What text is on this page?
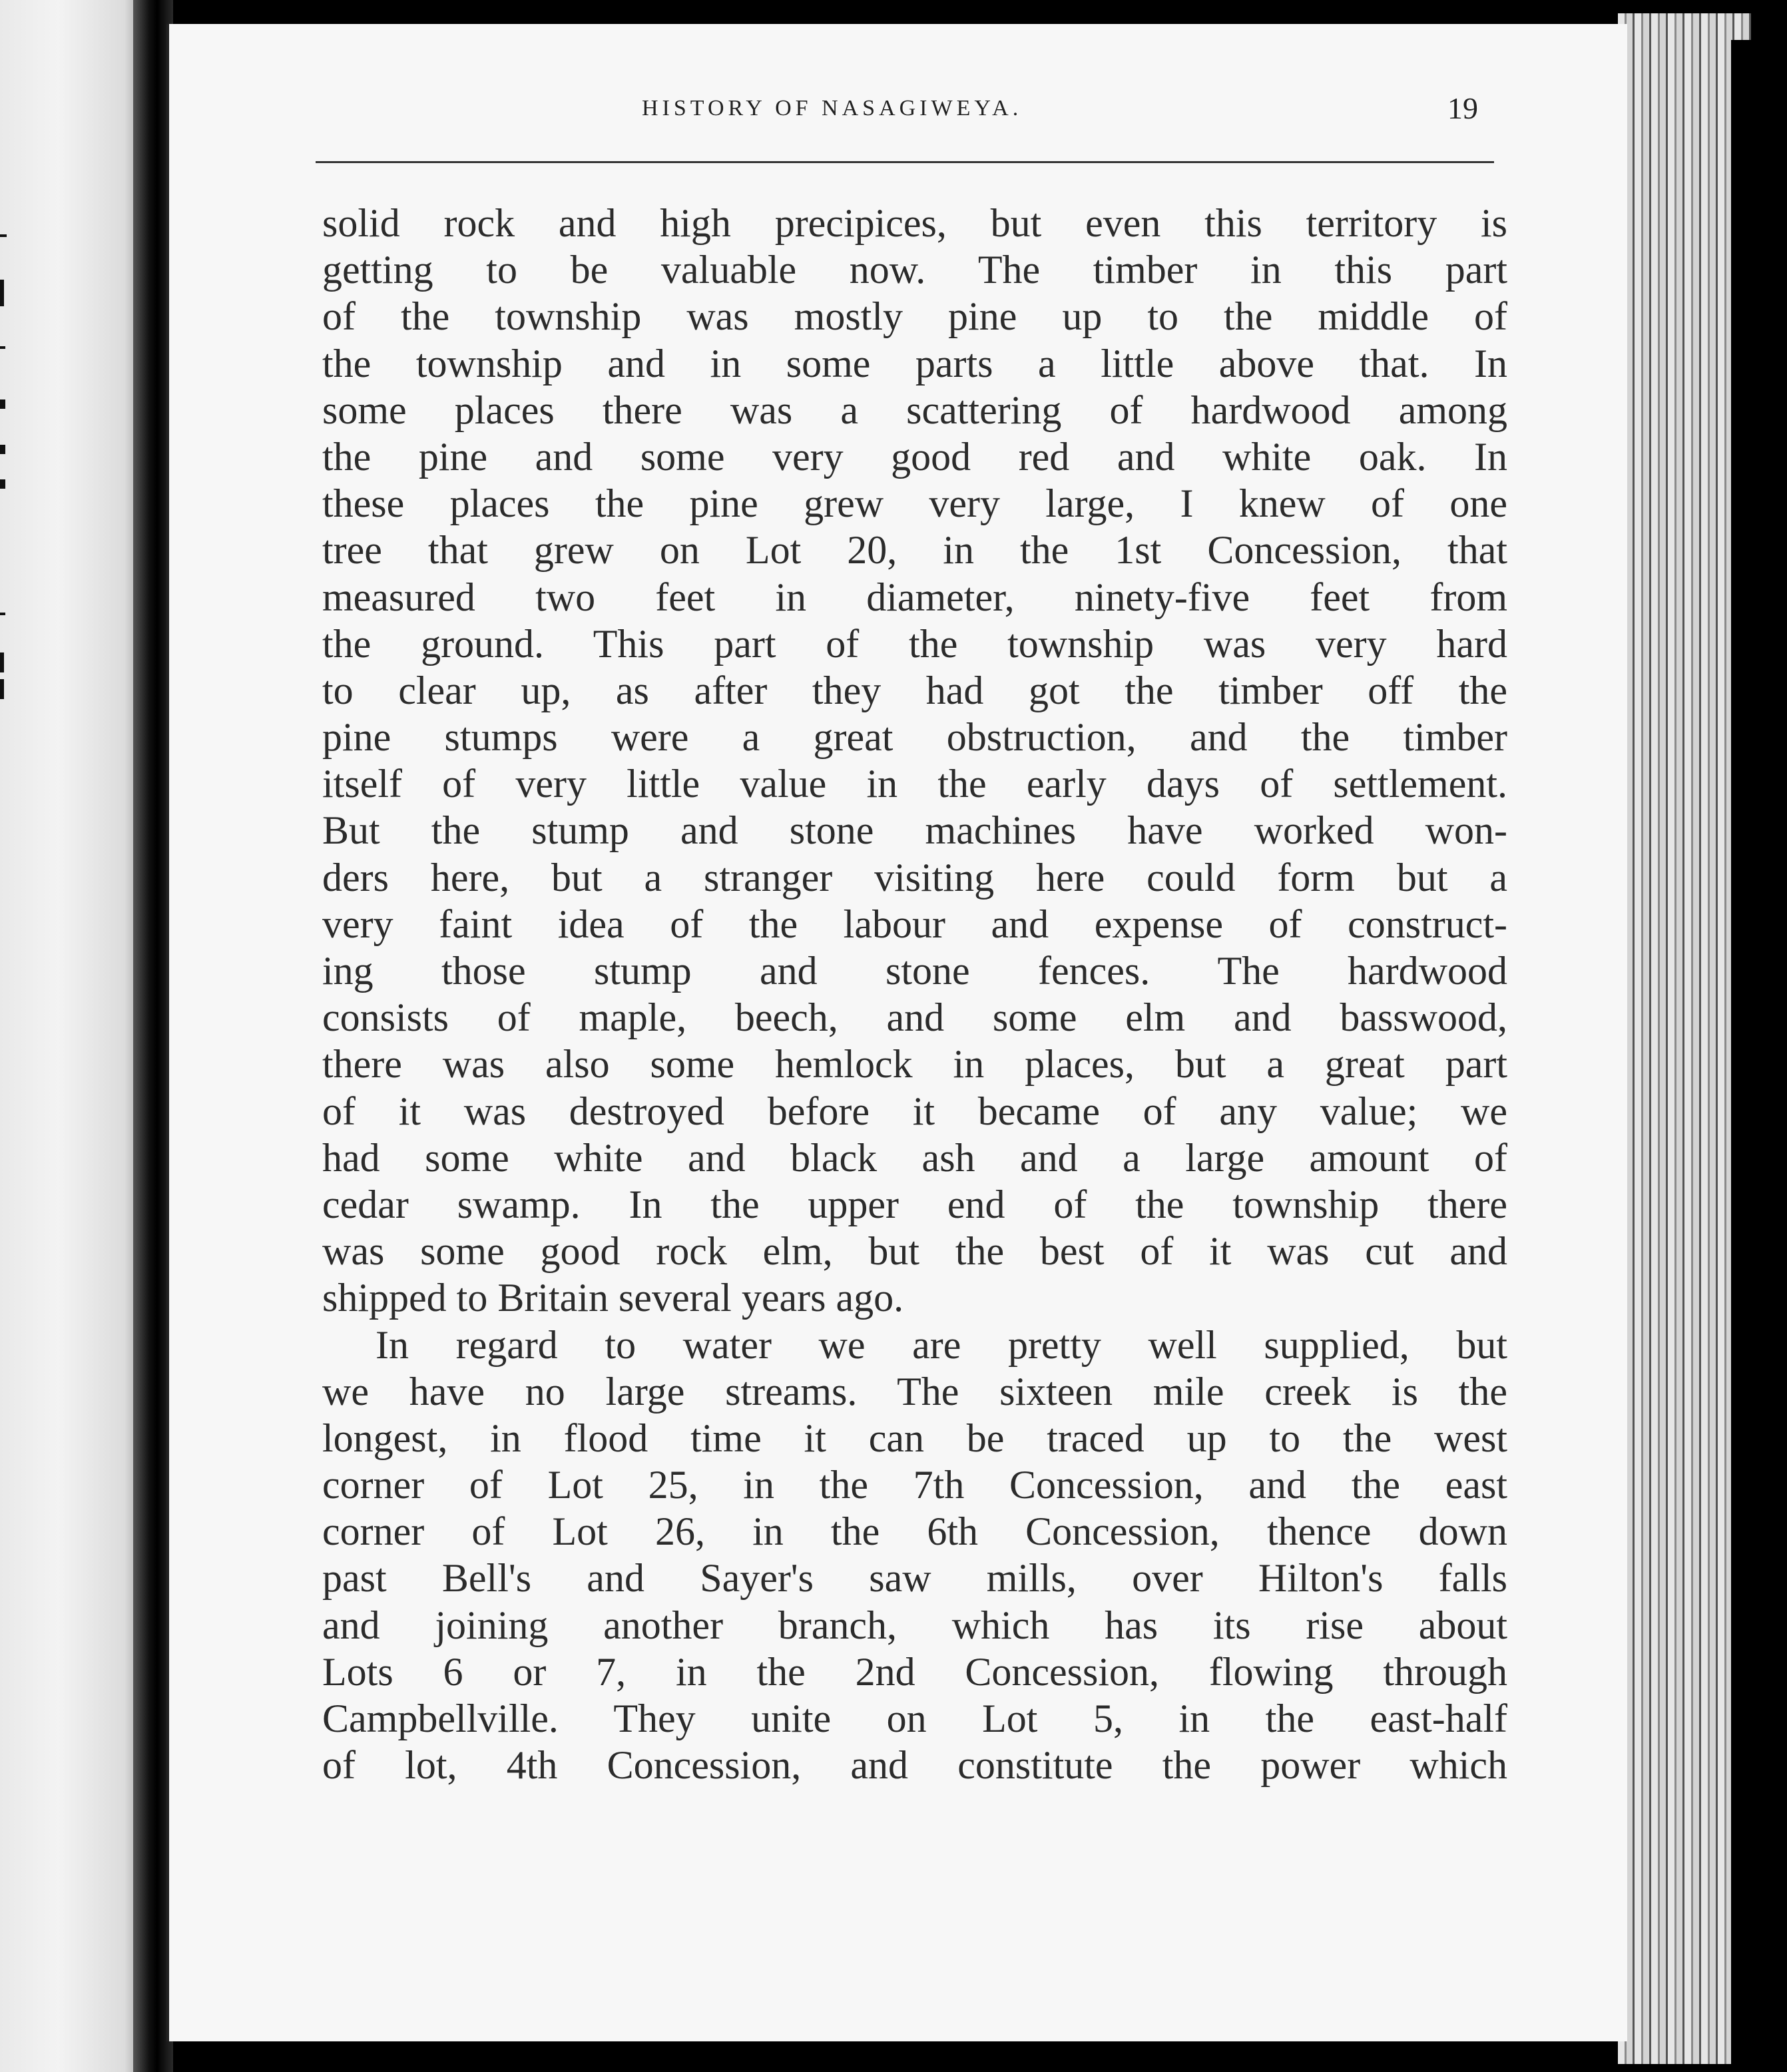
HISTORY OF NASAGIWEYA.	19
solid rock and high precipices, but even this territory is
getting to be valuable now. The timber in this part
of the township was mostly pine up to the middle of
the township and in some parts a little above that. In
some places there was a scattering of hardwood among
the pine and some very good red and white oak. In
these places the pine grew very large, I knew of one
tree that grew on Lot 20, in the 1st Concession, that
measured two feet in diameter, ninety-five feet from
the ground. This part of the township was very hard
to clear up, as after they had got the timber off the
pine stumps were a great obstruction, and the timber
itself of very little value in the early days of settlement.
But the stump and stone machines have worked won-
ders here, but a stranger visiting here could form but a
very faint idea of the labour and expense of construct-
ing those stump and stone fences. The hardwood
consists of maple, beech, and some elm and basswood,
there was also some hemlock in places, but a great part
of it was destroyed before it became of any value; we
had some white and black ash and a large amount of
cedar swamp. In the upper end of the township there
was some good rock elm, but the best of it was cut and
shipped to Britain several years ago.
In regard to water we are pretty well supplied, but
we have no large streams. The sixteen mile creek is the
longest, in flood time it can be traced up to the west
corner of Lot 25, in the 7th Concession, and the east
corner of Lot 26, in the 6th Concession, thence down
past Bell's and Sayer's saw mills, over Hilton's falls
and joining another branch, which has its rise about
Lots 6 or 7, in the 2nd Concession, flowing through
Campbellville. They unite on Lot 5, in the east-half
of lot, 4th Concession, and constitute the power which
